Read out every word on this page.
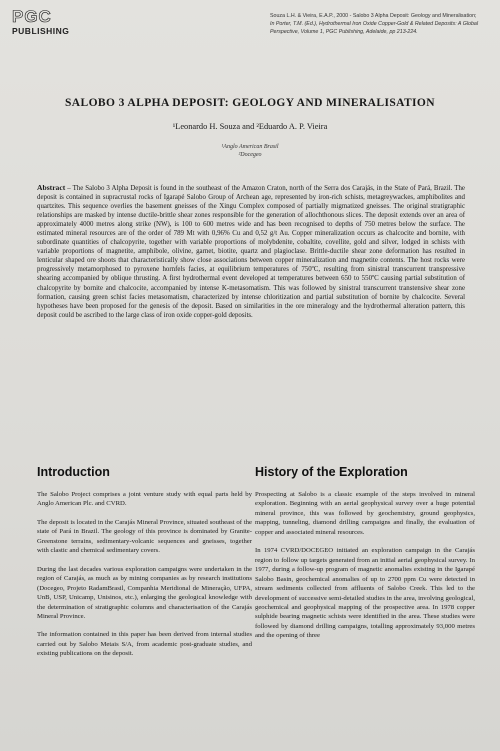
PGC
PUBLISHING
Souza L.H. & Vieira, E.A.P., 2000 - Salobo 3 Alpha Deposit: Geology and Mineralisation;
In Porter, T.M. (Ed.), Hydrothermal Iron Oxide Copper-Gold & Related Deposits: A Global
Perspective, Volume 1, PGC Publishing, Adelaide, pp 213-224.
SALOBO 3 ALPHA DEPOSIT: GEOLOGY AND MINERALISATION
¹Leonardo H. Souza and ²Eduardo A. P. Vieira
¹Anglo American Brasil
²Docegeo
Abstract – The Salobo 3 Alpha Deposit is found in the southeast of the Amazon Craton, north of the Serra dos Carajás, in the State of Pará, Brazil. The deposit is contained in supracrustal rocks of Igarapé Salobo Group of Archean age, represented by iron-rich schists, metagreywackes, amphibolites and quartzites. This sequence overlies the basement gneisses of the Xingu Complex composed of partially migmatized gneisses. The original stratigraphic relationships are masked by intense ductile-brittle shear zones responsible for the generation of allochthonous slices. The deposit extends over an area of approximately 4000 metres along strike (NW), is 100 to 600 metres wide and has been recognised to depths of 750 metres below the surface. The estimated mineral resources are of the order of 789 Mt with 0,96% Cu and 0,52 g/t Au. Copper mineralization occurs as chalcocite and bornite, with subordinate quantities of chalcopyrite, together with variable proportions of molybdenite, cobaltite, covellite, gold and silver, lodged in schists with variable proportions of magnetite, amphibole, olivine, garnet, biotite, quartz and plagioclase. Brittle-ductile shear zone deformation has resulted in lenticular shaped ore shoots that characteristically show close associations between copper mineralization and magnetite contents. The host rocks were progressively metamorphosed to pyroxene hornfels facies, at equilibrium temperatures of 750ºC, resulting from sinistral transcurrent transpressive shearing accompanied by oblique thrusting. A first hydrothermal event developed at temperatures between 650 to 550ºC causing partial substitution of chalcopyrite by bornite and chalcocite, accompanied by intense K-metasomatism. This was followed by sinistral transcurrent transtensive shear zone formation, causing green schist facies metasomatism, characterized by intense chloritization and partial substitution of bornite by chalcocite. Several hypotheses have been proposed for the genesis of the deposit. Based on similarities in the ore mineralogy and the hydrothermal alteration pattern, this deposit could be ascribed to the large class of iron oxide copper-gold deposits.
Introduction

The Salobo Project comprises a joint venture study with equal parts held by Anglo American Plc. and CVRD.

The deposit is located in the Carajás Mineral Province, situated southeast of the state of Pará in Brazil. The geology of this province is dominated by Granite-Greenstone terrains, sedimentary-volcanic sequences and gneisses, together with clastic and chemical sedimentary covers.

During the last decades various exploration campaigns were undertaken in the region of Carajás, as much as by mining companies as by research institutions (Docegeo, Projeto RadamBrasil, Companhia Meridional de Mineração, UFPA, UnB, USP, Unicamp, Unisinos, etc.), enlarging the geological knowledge with the determination of stratigraphic columns and characterisation of the Carajás Mineral Province.

The information contained in this paper has been derived from internal studies carried out by Salobo Metais S/A, from academic post-graduate studies, and existing publications on the deposit.

History of the Exploration

Prospecting at Salobo is a classic example of the steps involved in mineral exploration. Beginning with an aerial geophysical survey over a huge potential mineral province, this was followed by geochemistry, ground geophysics, mapping, tunneling, diamond drilling campaigns and finally, the evaluation of copper and associated mineral resources.

In 1974 CVRD/DOCEGEO initiated an exploration campaign in the Carajás region to follow up targets generated from an initial aerial geophysical survey. In 1977, during a follow-up program of magnetic anomalies existing in the Igarapé Salobo Basin, geochemical anomalies of up to 2700 ppm Cu were detected in stream sediments collected from affluents of Salobo Creek. This led to the development of successive semi-detailed studies in the area, involving geological, geochemical and geophysical mapping of the prospective area. In 1978 copper sulphide bearing magnetic schists were identified in the area. These studies were followed by diamond drilling campaigns, totalling approximately 93,000 metres and the opening of three
